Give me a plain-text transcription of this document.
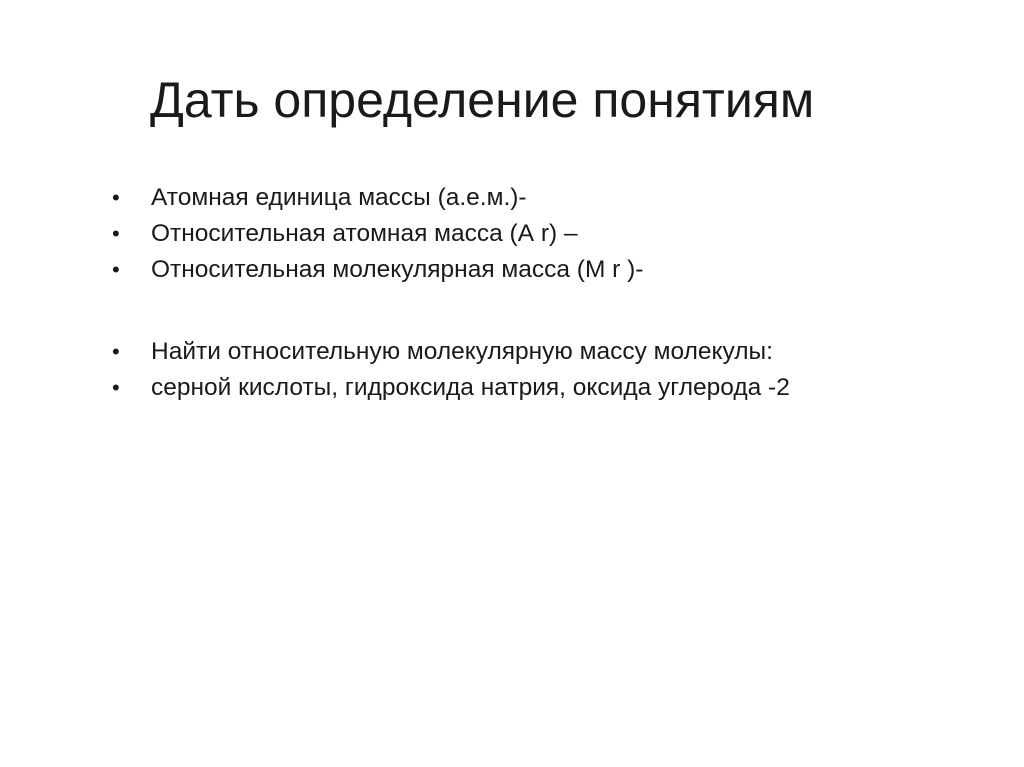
Дать определение понятиям
•	Атомная единица массы (а.е.м.)-
•	Относительная атомная масса (А r) –
•	Относительная молекулярная масса (М r )-
•	Найти относительную молекулярную массу молекулы:
•	серной кислоты, гидроксида натрия, оксида углерода -2
